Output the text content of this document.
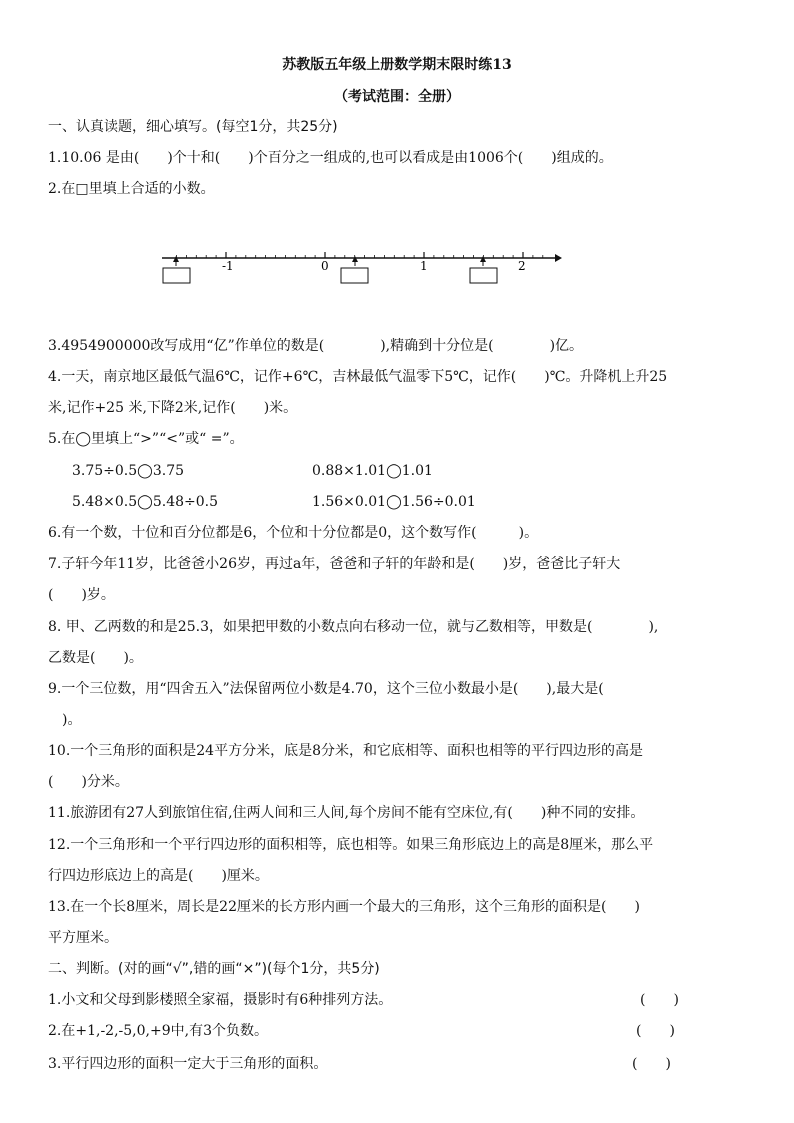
苏教版五年级上册数学期末限时练13
（考试范围：全册）
一、认真读题，细心填写。(每空1分，共25分)
1.10.06 是由(　　)个十和(　　)个百分之一组成的,也可以看成是由1006个(　　)组成的。
2.在□里填上合适的小数。
-1	0	1	2
3.4954900000改写成用“亿”作单位的数是(　　　　),精确到十分位是(　　　　)亿。
4.一天，南京地区最低气温6℃，记作+6℃，吉林最低气温零下5℃，记作(　　)℃。升降机上升25
米,记作+25 米,下降2米,记作(　　)米。
5.在◯里填上“>”“<”或“ =”。
3.75÷0.5◯3.75	0.88×1.01◯1.01
5.48×0.5◯5.48÷0.5	1.56×0.01◯1.56÷0.01
6.有一个数，十位和百分位都是6，个位和十分位都是0，这个数写作(　　　)。
7.子轩今年11岁，比爸爸小26岁，再过a年，爸爸和子轩的年龄和是(　　)岁，爸爸比子轩大
(　　)岁。
8. 甲、乙两数的和是25.3，如果把甲数的小数点向右移动一位，就与乙数相等，甲数是(　　　　),
乙数是(　　)。
9.一个三位数，用“四舍五入”法保留两位小数是4.70，这个三位小数最小是(　　),最大是(
　)。
10.一个三角形的面积是24平方分米，底是8分米，和它底相等、面积也相等的平行四边形的高是
(　　)分米。
11.旅游团有27人到旅馆住宿,住两人间和三人间,每个房间不能有空床位,有(　　)种不同的安排。
12.一个三角形和一个平行四边形的面积相等，底也相等。如果三角形底边上的高是8厘米，那么平
行四边形底边上的高是(　　)厘米。
13.在一个长8厘米，周长是22厘米的长方形内画一个最大的三角形，这个三角形的面积是(　　)
平方厘米。
二、判断。(对的画“√”,错的画“×”)(每个1分，共5分)
1.小文和父母到影楼照全家福，摄影时有6种排列方法。	(　　)
2.在+1,-2,-5,0,+9中,有3个负数。	(　　)
3.平行四边形的面积一定大于三角形的面积。	(　　)
